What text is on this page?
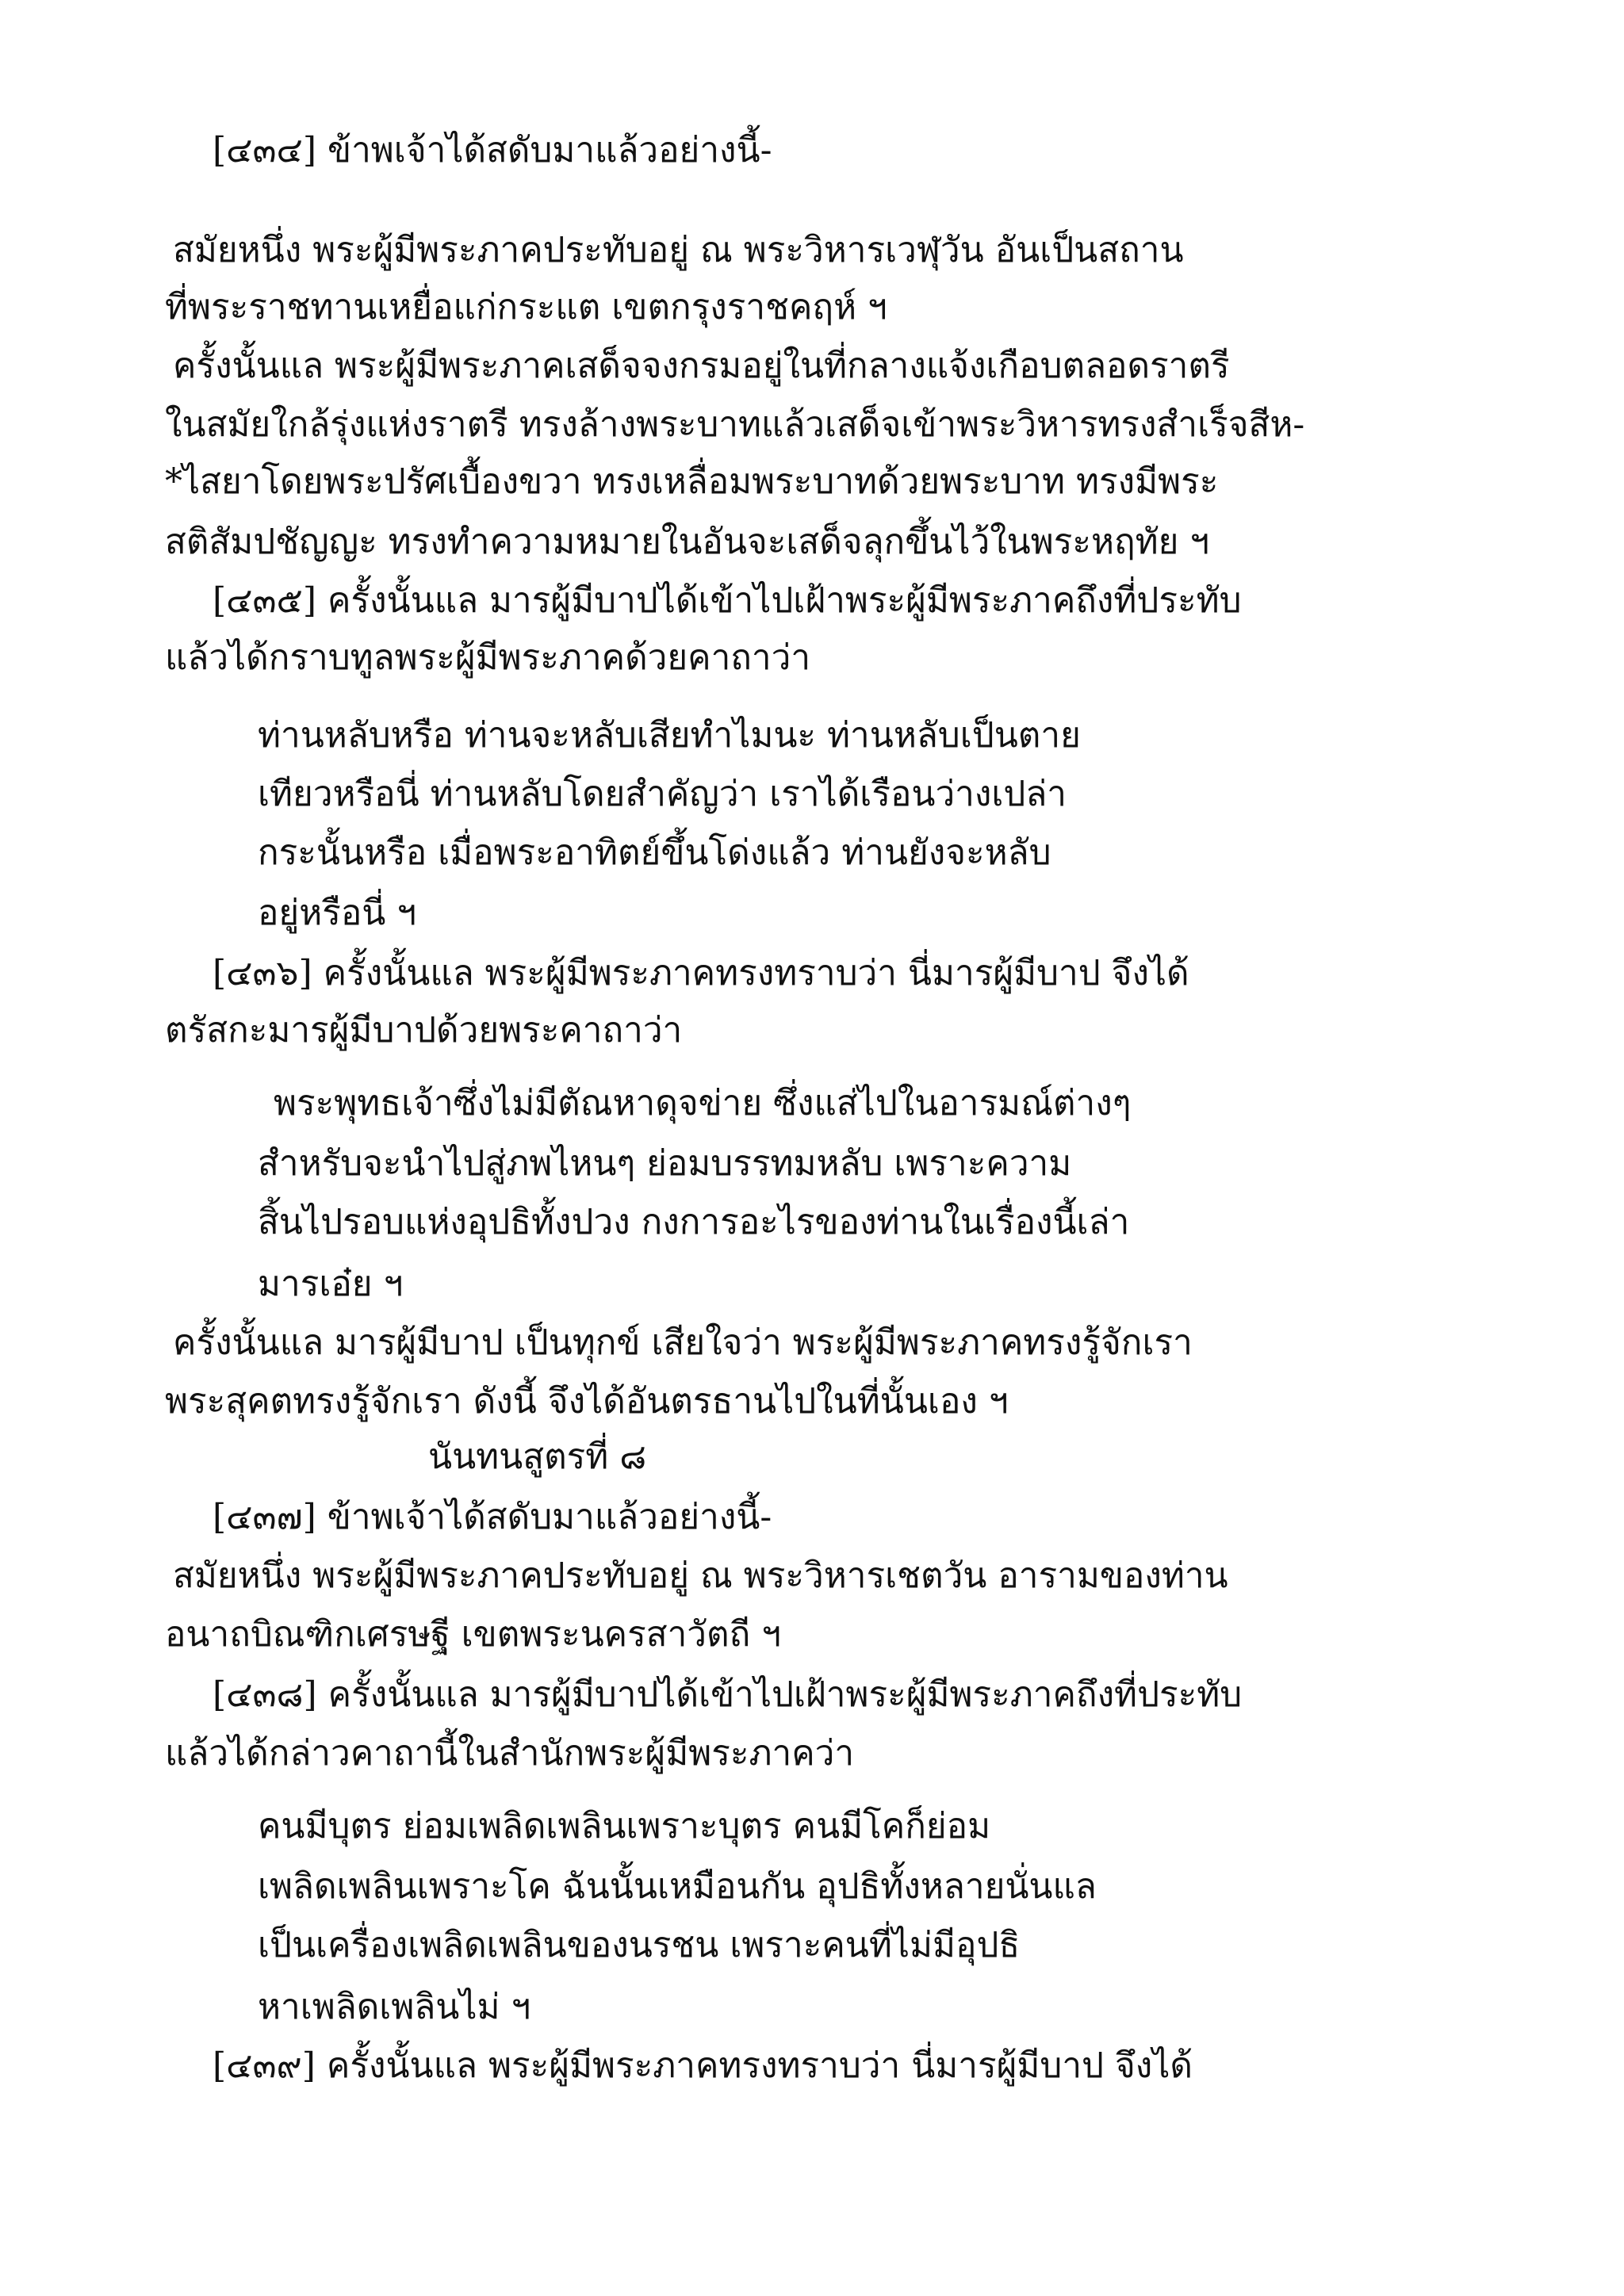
[๔๓๔] ข้าพเจ้าได้สดับมาแล้วอย่างนี้-
สมัยหนึ่ง พระผู้มีพระภาคประทับอยู่ ณ พระวิหารเวฬุวัน อันเป็นสถาน
ที่พระราชทานเหยื่อแก่กระแต เขตกรุงราชคฤห์ ฯ
ครั้งนั้นแล พระผู้มีพระภาคเสด็จจงกรมอยู่ในที่กลางแจ้งเกือบตลอดราตรี
ในสมัยใกล้รุ่งแห่งราตรี ทรงล้างพระบาทแล้วเสด็จเข้าพระวิหารทรงสำเร็จสีห-
*ไสยาโดยพระปรัศเบื้องขวา ทรงเหลื่อมพระบาทด้วยพระบาท ทรงมีพระ
สติสัมปชัญญะ ทรงทำความหมายในอันจะเสด็จลุกขึ้นไว้ในพระหฤทัย ฯ
[๔๓๕] ครั้งนั้นแล มารผู้มีบาปได้เข้าไปเฝ้าพระผู้มีพระภาคถึงที่ประทับ
แล้วได้กราบทูลพระผู้มีพระภาคด้วยคาถาว่า
ท่านหลับหรือ ท่านจะหลับเสียทำไมนะ ท่านหลับเป็นตาย
เทียวหรือนี่ ท่านหลับโดยสำคัญว่า เราได้เรือนว่างเปล่า
กระนั้นหรือ เมื่อพระอาทิตย์ขึ้นโด่งแล้ว ท่านยังจะหลับ
อยู่หรือนี่ ฯ
[๔๓๖] ครั้งนั้นแล พระผู้มีพระภาคทรงทราบว่า นี่มารผู้มีบาป จึงได้
ตรัสกะมารผู้มีบาปด้วยพระคาถาว่า
พระพุทธเจ้าซึ่งไม่มีตัณหาดุจข่าย ซึ่งแส่ไปในอารมณ์ต่างๆ
สำหรับจะนำไปสู่ภพไหนๆ ย่อมบรรทมหลับ เพราะความ
สิ้นไปรอบแห่งอุปธิทั้งปวง กงการอะไรของท่านในเรื่องนี้เล่า
มารเอ๋ย ฯ
ครั้งนั้นแล มารผู้มีบาป เป็นทุกข์ เสียใจว่า พระผู้มีพระภาคทรงรู้จักเรา
พระสุคตทรงรู้จักเรา ดังนี้ จึงได้อันตรธานไปในที่นั้นเอง ฯ
นันทนสูตรที่ ๘
[๔๓๗] ข้าพเจ้าได้สดับมาแล้วอย่างนี้-
สมัยหนึ่ง พระผู้มีพระภาคประทับอยู่ ณ พระวิหารเชตวัน อารามของท่าน
อนาถบิณฑิกเศรษฐี เขตพระนครสาวัตถี ฯ
[๔๓๘] ครั้งนั้นแล มารผู้มีบาปได้เข้าไปเฝ้าพระผู้มีพระภาคถึงที่ประทับ
แล้วได้กล่าวคาถานี้ในสำนักพระผู้มีพระภาคว่า
คนมีบุตร ย่อมเพลิดเพลินเพราะบุตร คนมีโคก็ย่อม
เพลิดเพลินเพราะโค ฉันนั้นเหมือนกัน อุปธิทั้งหลายนั่นแล
เป็นเครื่องเพลิดเพลินของนรชน เพราะคนที่ไม่มีอุปธิ
หาเพลิดเพลินไม่ ฯ
[๔๓๙] ครั้งนั้นแล พระผู้มีพระภาคทรงทราบว่า นี่มารผู้มีบาป จึงได้
